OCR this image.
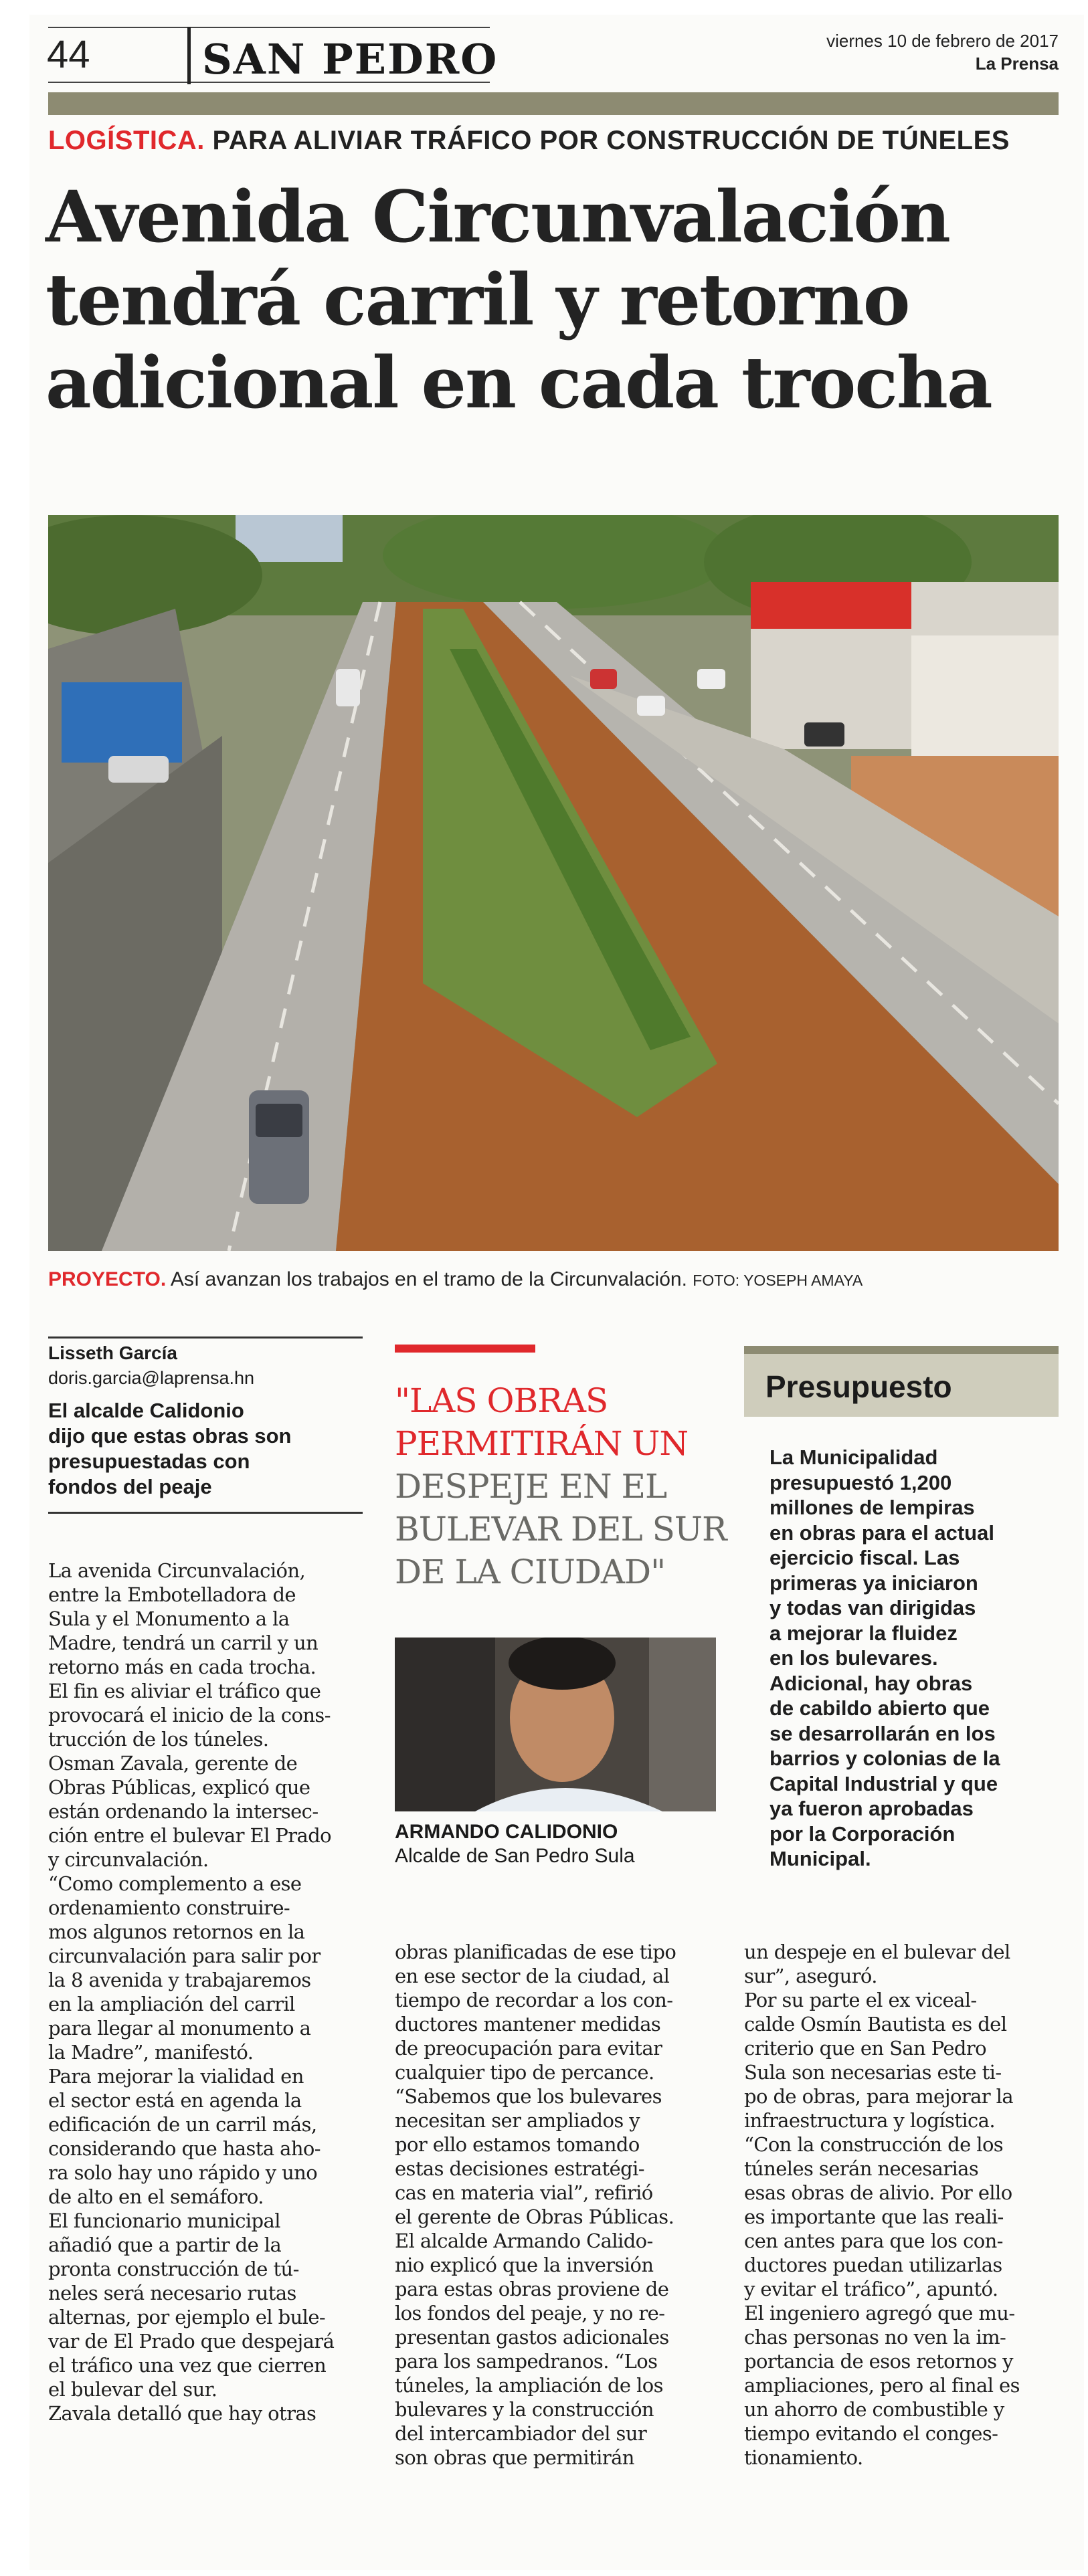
44	SAN PEDRO	viernes 10 de febrero de 2017
La Prensa
LOGÍSTICA. PARA ALIVIAR TRÁFICO POR CONSTRUCCIÓN DE TÚNELES
Avenida Circunvalación
tendrá carril y retorno
adicional en cada trocha
PROYECTO. Así avanzan los trabajos en el tramo de la Circunvalación. FOTO: YOSEPH AMAYA
Lisseth García
doris.garcia@laprensa.hn
El alcalde Calidonio
dijo que estas obras son
presupuestadas con
fondos del peaje
La avenida Circunvalación,
entre la Embotelladora de
Sula y el Monumento a la
Madre, tendrá un carril y un
retorno más en cada trocha.
El fin es aliviar el tráfico que
provocará el inicio de la cons-
trucción de los túneles.
Osman Zavala, gerente de
Obras Públicas, explicó que
están ordenando la intersec-
ción entre el bulevar El Prado
y circunvalación.
“Como complemento a ese
ordenamiento construire-
mos algunos retornos en la
circunvalación para salir por
la 8 avenida y trabajaremos
en la ampliación del carril
para llegar al monumento a
la Madre”, manifestó.
Para mejorar la vialidad en
el sector está en agenda la
edificación de un carril más,
considerando que hasta aho-
ra solo hay uno rápido y uno
de alto en el semáforo.
El funcionario municipal
añadió que a partir de la
pronta construcción de tú-
neles será necesario rutas
alternas, por ejemplo el bule-
var de El Prado que despejará
el tráfico una vez que cierren
el bulevar del sur.
Zavala detalló que hay otras
"LAS OBRAS
PERMITIRÁN UN
DESPEJE EN EL
BULEVAR DEL SUR
DE LA CIUDAD"
ARMANDO CALIDONIO
Alcalde de San Pedro Sula
Presupuesto
La Municipalidad
presupuestó 1,200
millones de lempiras
en obras para el actual
ejercicio fiscal. Las
primeras ya iniciaron
y todas van dirigidas
a mejorar la fluidez
en los bulevares.
Adicional, hay obras
de cabildo abierto que
se desarrollarán en los
barrios y colonias de la
Capital Industrial y que
ya fueron aprobadas
por la Corporación
Municipal.
obras planificadas de ese tipo
en ese sector de la ciudad, al
tiempo de recordar a los con-
ductores mantener medidas
de preocupación para evitar
cualquier tipo de percance.
“Sabemos que los bulevares
necesitan ser ampliados y
por ello estamos tomando
estas decisiones estratégi-
cas en materia vial”, refirió
el gerente de Obras Públicas.
El alcalde Armando Calido-
nio explicó que la inversión
para estas obras proviene de
los fondos del peaje, y no re-
presentan gastos adicionales
para los sampedranos. “Los
túneles, la ampliación de los
bulevares y la construcción
del intercambiador del sur
son obras que permitirán
un despeje en el bulevar del
sur”, aseguró.
Por su parte el ex viceal-
calde Osmín Bautista es del
criterio que en San Pedro
Sula son necesarias este ti-
po de obras, para mejorar la
infraestructura y logística.
“Con la construcción de los
túneles serán necesarias
esas obras de alivio. Por ello
es importante que las reali-
cen antes para que los con-
ductores puedan utilizarlas
y evitar el tráfico”, apuntó.
El ingeniero agregó que mu-
chas personas no ven la im-
portancia de esos retornos y
ampliaciones, pero al final es
un ahorro de combustible y
tiempo evitando el conges-
tionamiento.
